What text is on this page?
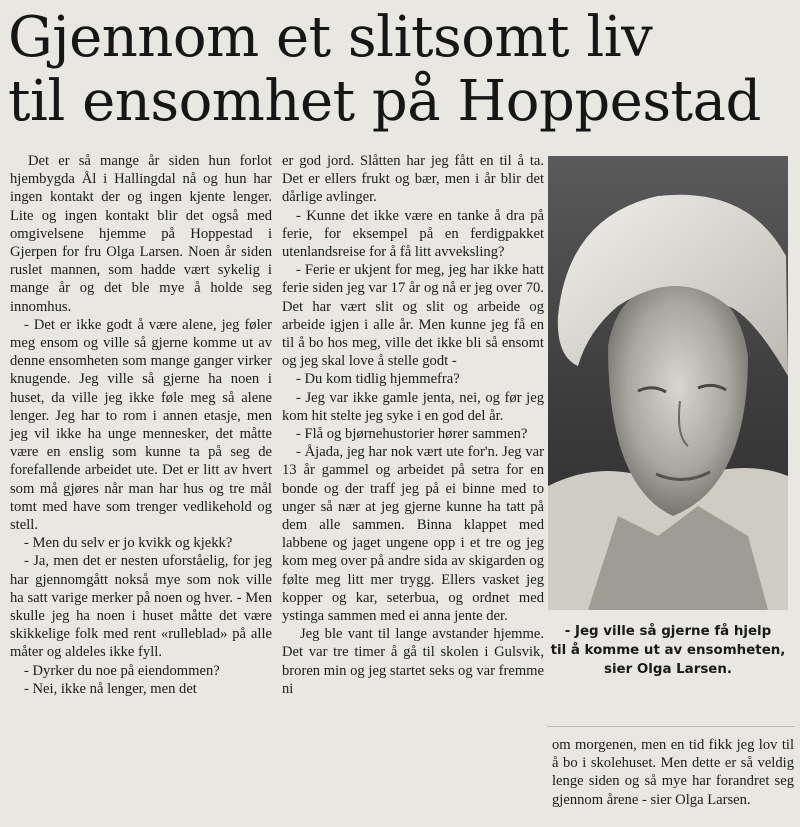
Gjennom et slitsomt liv
til ensomhet på Hoppestad

Det er så mange år siden hun forlot hjembygda Ål i Hallingdal nå og hun har ingen kontakt der og ingen kjente lenger. Lite og ingen kontakt blir det også med omgivelsene hjemme på Hoppestad i Gjerpen for fru Olga Larsen. Noen år siden ruslet mannen, som hadde vært sykelig i mange år og det ble mye å holde seg innomhus.

- Det er ikke godt å være alene, jeg føler meg ensom og ville så gjerne komme ut av denne ensomheten som mange ganger virker knugende. Jeg ville så gjerne ha noen i huset, da ville jeg ikke føle meg så alene lenger. Jeg har to rom i annen etasje, men jeg vil ikke ha unge mennesker, det måtte være en enslig som kunne ta på seg de forefallende arbeidet ute. Det er litt av hvert som må gjøres når man har hus og tre mål tomt med have som trenger vedlikehold og stell.

- Men du selv er jo kvikk og kjekk?

- Ja, men det er nesten uforståelig, for jeg har gjennomgått nokså mye som nok ville ha satt varige merker på noen og hver. - Men skulle jeg ha noen i huset måtte det være skikkelige folk med rent «rulleblad» på alle måter og aldeles ikke fyll.

- Dyrker du noe på eiendommen?

- Nei, ikke nå lenger, men det

er god jord. Slåtten har jeg fått en til å ta. Det er ellers frukt og bær, men i år blir det dårlige avlinger.

- Kunne det ikke være en tanke å dra på ferie, for eksempel på en ferdigpakket utenlandsreise for å få litt avveksling?

- Ferie er ukjent for meg, jeg har ikke hatt ferie siden jeg var 17 år og nå er jeg over 70. Det har vært slit og slit og arbeide og arbeide igjen i alle år. Men kunne jeg få en til å bo hos meg, ville det ikke bli så ensomt og jeg skal love å stelle godt -

- Du kom tidlig hjemmefra?

- Jeg var ikke gamle jenta, nei, og før jeg kom hit stelte jeg syke i en god del år.

- Flå og bjørnehustorier hører sammen?

- Åjada, jeg har nok vært ute for'n. Jeg var 13 år gammel og arbeidet på setra for en bonde og der traff jeg på ei binne med to unger så nær at jeg gjerne kunne ha tatt på dem alle sammen. Binna klappet med labbene og jaget ungene opp i et tre og jeg kom meg over på andre sida av skigarden og følte meg litt mer trygg. Ellers vasket jeg kopper og kar, seterbua, og ordnet med ystinga sammen med ei anna jente der.

Jeg ble vant til lange avstander hjemme. Det var tre timer å gå til skolen i Gulsvik, broren min og jeg startet seks og var fremme ni

- Jeg ville så gjerne få hjelp
til å komme ut av ensomheten,
sier Olga Larsen.

om morgenen, men en tid fikk jeg lov til å bo i skolehuset. Men dette er så veldig lenge siden og så mye har forandret seg gjennom årene - sier Olga Larsen.
